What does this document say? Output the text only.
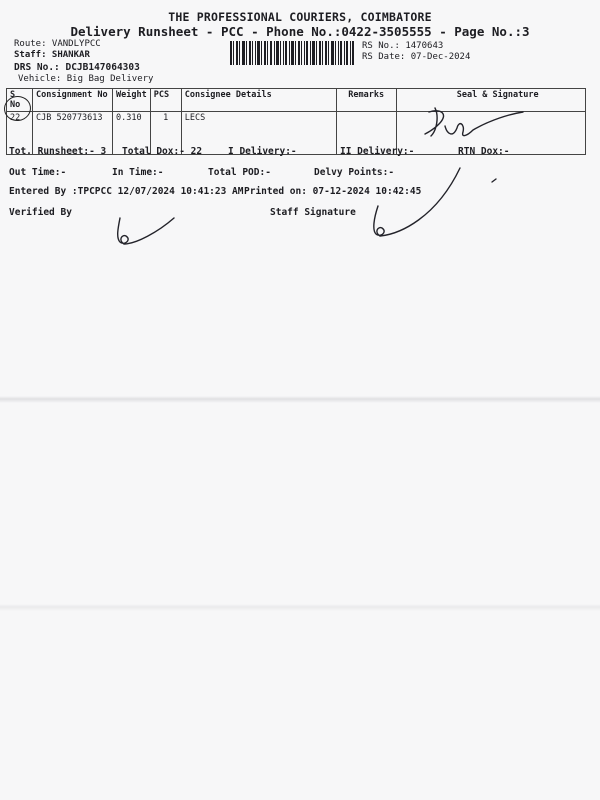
THE PROFESSIONAL COURIERS, COIMBATORE
Delivery Runsheet - PCC - Phone No.:0422-3505555 - Page No.:3
Route: VANDLYPCC
Staff: SHANKAR
DRS No.: DCJB147064303
Vehicle: Big Bag Delivery
RS No.: 1470643
RS Date: 07-Dec-2024
S No	Consignment No	Weight	PCS	Consignee Details	Remarks	Seal & Signature
22	CJB 520773613	0.310	1	LECS		
Tot. Runsheet:- 3 Total Dox:- 22	I Delivery:-	II Delivery:-	RTN Dox:-
Out Time:-	In Time:-	Total POD:-	Delvy Points:-
Entered By :TPCPCC 12/07/2024 10:41:23 AM Printed on: 07-12-2024 10:42:45
Verified By	Staff Signature
